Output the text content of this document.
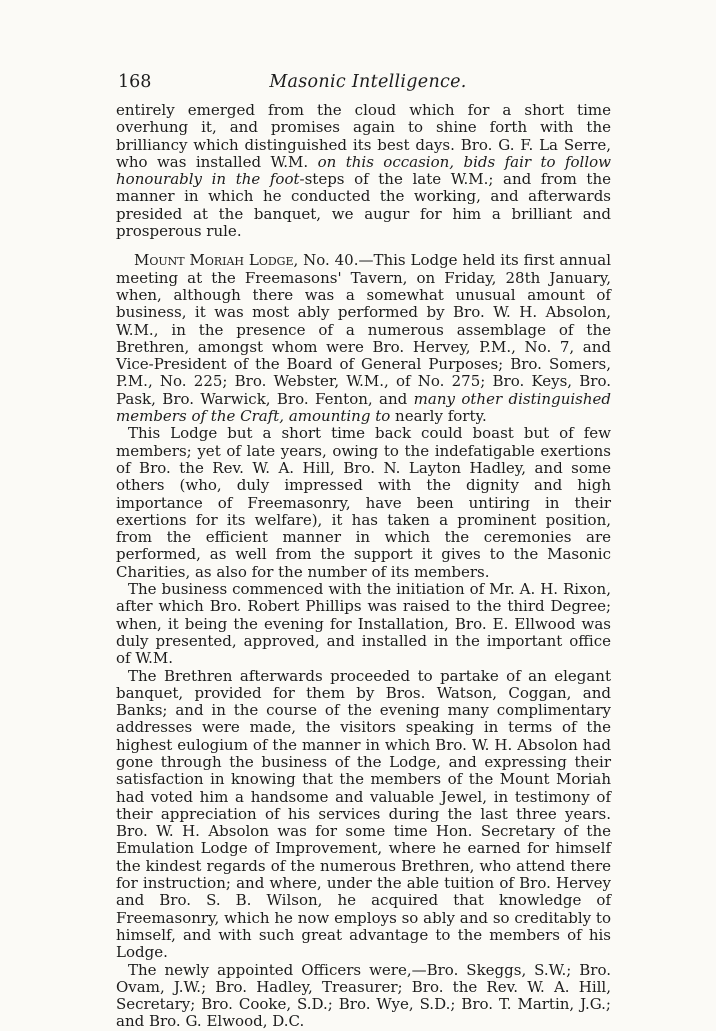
168	Masonic Intelligence.

entirely emerged from the cloud which for a short time overhung it, and promises again to shine forth with the brilliancy which distinguished its best days. Bro. G. F. La Serre, who was installed W.M. on this occasion, bids fair to follow honourably in the foot-steps of the late W.M.; and from the manner in which he conducted the working, and afterwards presided at the banquet, we augur for him a brilliant and prosperous rule.

Mount Moriah Lodge, No. 40.—This Lodge held its first annual meeting at the Freemasons' Tavern, on Friday, 28th January, when, although there was a somewhat unusual amount of business, it was most ably performed by Bro. W. H. Absolon, W.M., in the presence of a numerous assemblage of the Brethren, amongst whom were Bro. Hervey, P.M., No. 7, and Vice-President of the Board of General Purposes; Bro. Somers, P.M., No. 225; Bro. Webster, W.M., of No. 275; Bro. Keys, Bro. Pask, Bro. Warwick, Bro. Fenton, and many other distinguished members of the Craft, amounting to nearly forty.

This Lodge but a short time back could boast but of few members; yet of late years, owing to the indefatigable exertions of Bro. the Rev. W. A. Hill, Bro. N. Layton Hadley, and some others (who, duly impressed with the dignity and high importance of Freemasonry, have been untiring in their exertions for its welfare), it has taken a prominent position, from the efficient manner in which the ceremonies are performed, as well from the support it gives to the Masonic Charities, as also for the number of its members.

The business commenced with the initiation of Mr. A. H. Rixon, after which Bro. Robert Phillips was raised to the third Degree; when, it being the evening for Installation, Bro. E. Ellwood was duly presented, approved, and installed in the important office of W.M.

The Brethren afterwards proceeded to partake of an elegant banquet, provided for them by Bros. Watson, Coggan, and Banks; and in the course of the evening many complimentary addresses were made, the visitors speaking in terms of the highest eulogium of the manner in which Bro. W. H. Absolon had gone through the business of the Lodge, and expressing their satisfaction in knowing that the members of the Mount Moriah had voted him a handsome and valuable Jewel, in testimony of their appreciation of his services during the last three years. Bro. W. H. Absolon was for some time Hon. Secretary of the Emulation Lodge of Improvement, where he earned for himself the kindest regards of the numerous Brethren, who attend there for instruction; and where, under the able tuition of Bro. Hervey and Bro. S. B. Wilson, he acquired that knowledge of Freemasonry, which he now employs so ably and so creditably to himself, and with such great advantage to the members of his Lodge.

The newly appointed Officers were,—Bro. Skeggs, S.W.; Bro. Ovam, J.W.; Bro. Hadley, Treasurer; Bro. the Rev. W. A. Hill, Secretary; Bro. Cooke, S.D.; Bro. Wye, S.D.; Bro. T. Martin, J.G.; and Bro. G. Elwood, D.C.
